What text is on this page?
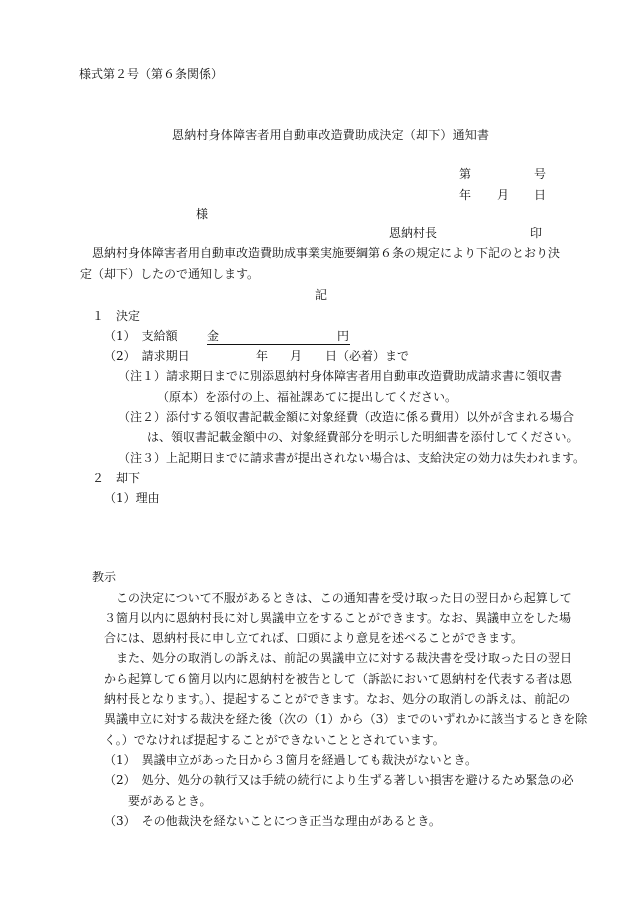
様式第２号（第６条関係）
恩納村身体障害者用自動車改造費助成決定（却下）通知書
第	号
年 月 日
様
恩納村長	印
恩納村身体障害者用自動車改造費助成事業実施要綱第６条の規定により下記のとおり決
定（却下）したので通知します。
記
１　決定
（1）　支給額 金	円
（2）　請求期日	年 月 日（必着）まで
（注１）請求期日までに別添恩納村身体障害者用自動車改造費助成請求書に領収書
（原本）を添付の上、福祉課あてに提出してください。
（注２）添付する領収書記載金額に対象経費（改造に係る費用）以外が含まれる場合
は、領収書記載金額中の、対象経費部分を明示した明細書を添付してください。
（注３）上記期日までに請求書が提出されない場合は、支給決定の効力は失われます。
２　却下
（1）理由
教示
この決定について不服があるときは、この通知書を受け取った日の翌日から起算して
３箇月以内に恩納村長に対し異議申立をすることができます。なお、異議申立をした場
合には、恩納村長に申し立てれば、口頭により意見を述べることができます。
また、処分の取消しの訴えは、前記の異議申立に対する裁決書を受け取った日の翌日
から起算して６箇月以内に恩納村を被告として（訴訟において恩納村を代表する者は恩
納村長となります。）、提起することができます。なお、処分の取消しの訴えは、前記の
異議申立に対する裁決を経た後（次の（1）から（3）までのいずれかに該当するときを除
く。）でなければ提起することができないこととされています。
（1）　異議申立があった日から３箇月を経過しても裁決がないとき。
（2）　処分、処分の執行又は手続の続行により生ずる著しい損害を避けるため緊急の必
要があるとき。
（3）　その他裁決を経ないことにつき正当な理由があるとき。
